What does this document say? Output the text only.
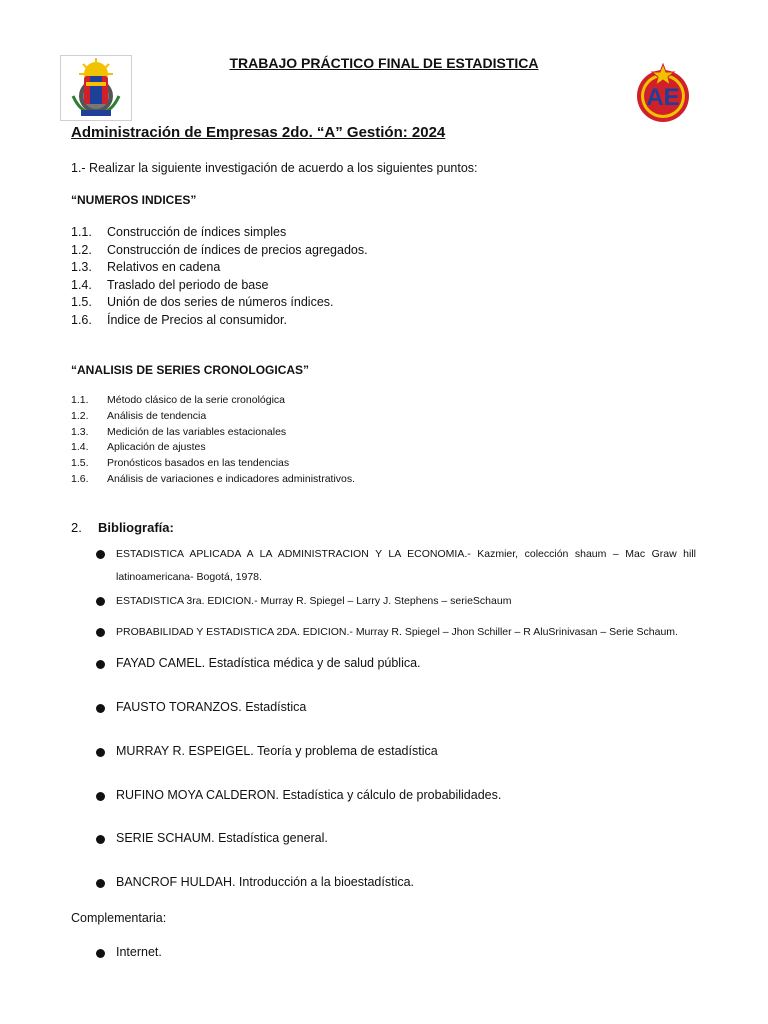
AE
TRABAJO PRÁCTICO FINAL DE ESTADISTICA
Administración de Empresas 2do. “A” Gestión: 2024
1.- Realizar la siguiente investigación de acuerdo a los siguientes puntos:
“NUMEROS INDICES”
1.1.	Construcción de índices simples
1.2.	Construcción de índices de precios agregados.
1.3.	Relativos en cadena
1.4.	Traslado del periodo de base
1.5.	Unión de dos series de números índices.
1.6.	Índice de Precios al consumidor.
“ANALISIS DE SERIES CRONOLOGICAS”
1.1.	Método clásico de la serie cronológica
1.2.	Análisis de tendencia
1.3.	Medición de las variables estacionales
1.4.	Aplicación de ajustes
1.5.	Pronósticos basados en las tendencias
1.6.	Análisis de variaciones e indicadores administrativos.
2.	Bibliografía:
ESTADISTICA APLICADA A LA ADMINISTRACION Y LA ECONOMIA.- Kazmier, colección shaum – Mac Graw hill latinoamericana- Bogotá, 1978.
ESTADISTICA 3ra. EDICION.- Murray R. Spiegel – Larry J. Stephens – serieSchaum
PROBABILIDAD Y ESTADISTICA 2DA. EDICION.- Murray R. Spiegel – Jhon Schiller – R AluSrinivasan – Serie Schaum.
FAYAD CAMEL. Estadística médica y de salud pública.
FAUSTO TORANZOS. Estadística
MURRAY R. ESPEIGEL. Teoría y problema de estadística
RUFINO MOYA CALDERON. Estadística y cálculo de probabilidades.
SERIE SCHAUM. Estadística general.
BANCROF HULDAH. Introducción a la bioestadística.
Complementaria:
Internet.
